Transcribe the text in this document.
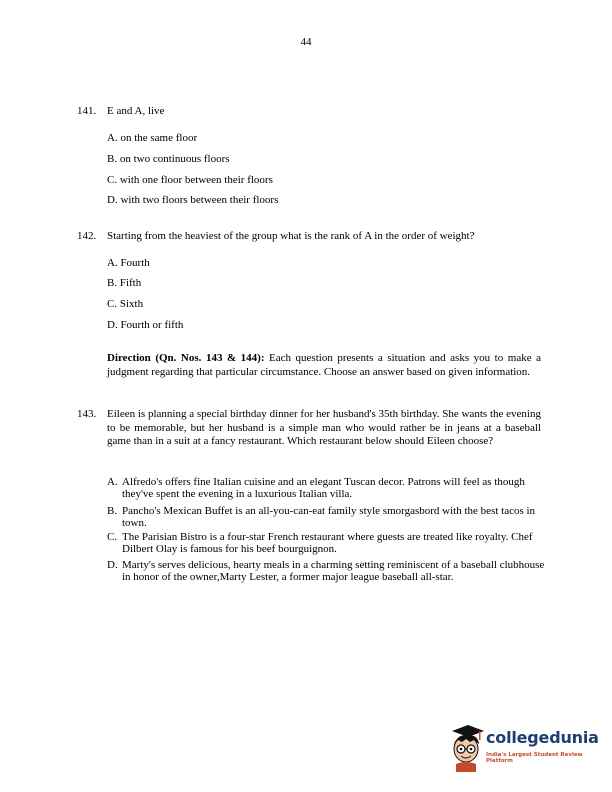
44
141. E and A, live
A. on the same floor
B. on two continuous floors
C. with one floor between their floors
D. with two floors between their floors
142. Starting from the heaviest of the group what is the rank of A in the order of weight?
A. Fourth
B. Fifth
C. Sixth
D. Fourth or fifth
Direction (Qn. Nos. 143 & 144): Each question presents a situation and asks you to make a judgment regarding that particular circumstance. Choose an answer based on given information.
143. Eileen is planning a special birthday dinner for her husband's 35th birthday. She wants the evening to be memorable, but her husband is a simple man who would rather be in jeans at a baseball game than in a suit at a fancy restaurant. Which restaurant below should Eileen choose?
A. Alfredo's offers fine Italian cuisine and an elegant Tuscan decor. Patrons will feel as though they've spent the evening in a luxurious Italian villa.
B. Pancho's Mexican Buffet is an all-you-can-eat family style smorgasbord with the best tacos in town.
C. The Parisian Bistro is a four-star French restaurant where guests are treated like royalty. Chef Dilbert Olay is famous for his beef bourguignon.
D. Marty's serves delicious, hearty meals in a charming setting reminiscent of a baseball clubhouse in honor of the owner,Marty Lester, a former major league baseball all-star.
collegedunia
India's Largest Student Review Platform
